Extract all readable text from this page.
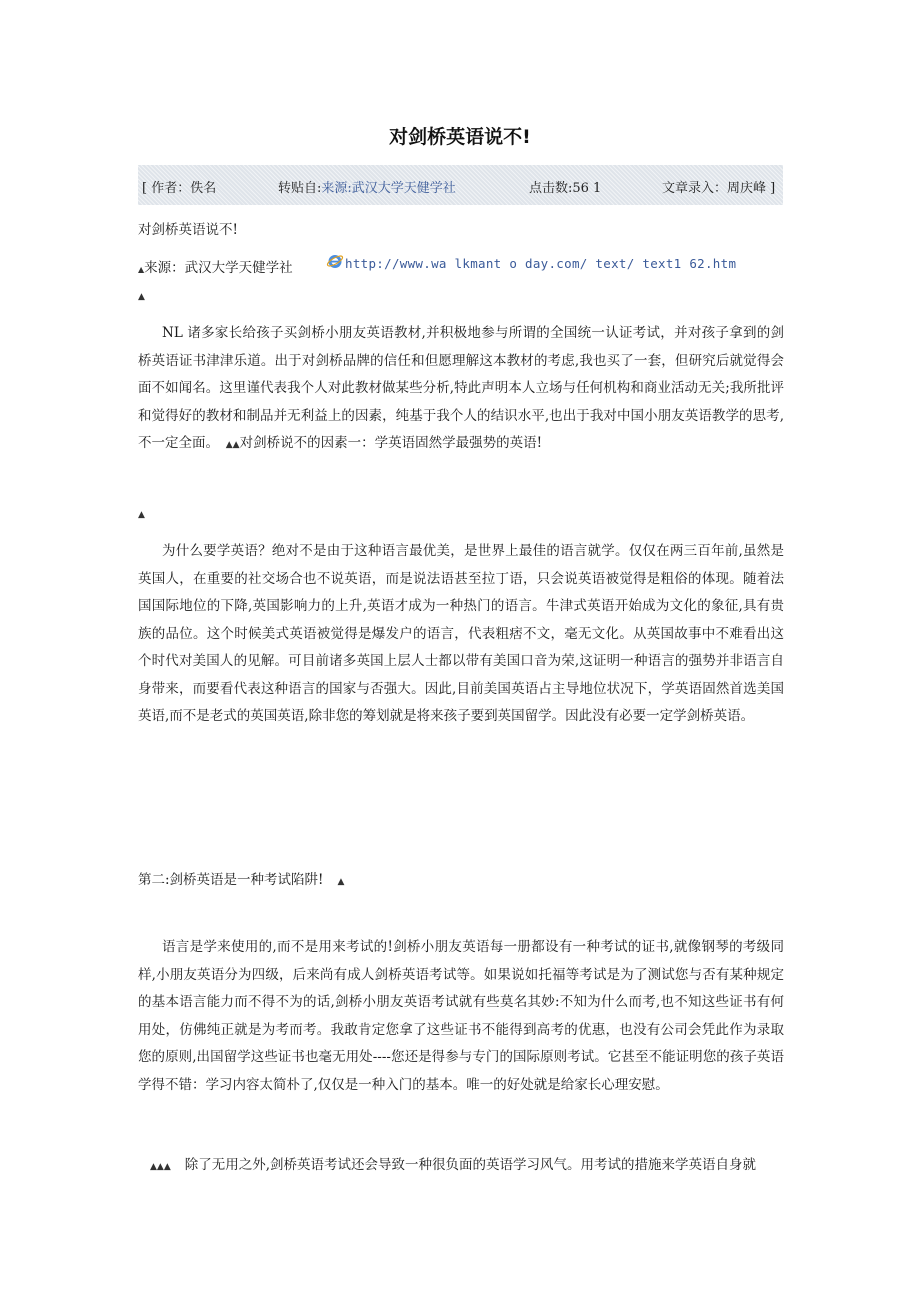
对剑桥英语说不!
[ 作者：佚名	转贴自:来源:武汉大学天健学社	点击数:56 1	文章录入：周庆峰 ]
对剑桥英语说不!
▲来源：武汉大学天健学社	http://www.wa lkmant o day.com/ text/ text1 62.htm
▲

NL 诸多家长给孩子买剑桥小朋友英语教材,并积极地参与所谓的全国统一认证考试，并对孩子拿到的剑桥英语证书津津乐道。出于对剑桥品牌的信任和但愿理解这本教材的考虑,我也买了一套，但研究后就觉得会面不如闻名。这里谨代表我个人对此教材做某些分析,特此声明本人立场与任何机构和商业活动无关;我所批评和觉得好的教材和制品并无利益上的因素，纯基于我个人的结识水平,也出于我对中国小朋友英语教学的思考,不一定全面。　 ▲▲对剑桥说不的因素一：学英语固然学最强势的英语!

▲

为什么要学英语？绝对不是由于这种语言最优美，是世界上最佳的语言就学。仅仅在两三百年前,虽然是英国人，在重要的社交场合也不说英语，而是说法语甚至拉丁语，只会说英语被觉得是粗俗的体现。随着法国国际地位的下降,英国影响力的上升,英语才成为一种热门的语言。牛津式英语开始成为文化的象征,具有贵族的品位。这个时候美式英语被觉得是爆发户的语言，代表粗痞不文，毫无文化。从英国故事中不难看出这个时代对美国人的见解。可目前诸多英国上层人士都以带有美国口音为荣,这证明一种语言的强势并非语言自身带来，而要看代表这种语言的国家与否强大。因此,目前美国英语占主导地位状况下，学英语固然首选美国英语,而不是老式的英国英语,除非您的筹划就是将来孩子要到英国留学。因此没有必要一定学剑桥英语。

第二:剑桥英语是一种考试陷阱! ▲

语言是学来使用的,而不是用来考试的!剑桥小朋友英语每一册都设有一种考试的证书,就像钢琴的考级同样,小朋友英语分为四级，后来尚有成人剑桥英语考试等。如果说如托福等考试是为了测试您与否有某种规定的基本语言能力而不得不为的话,剑桥小朋友英语考试就有些莫名其妙:不知为什么而考,也不知这些证书有何用处，仿佛纯正就是为考而考。我敢肯定您拿了这些证书不能得到高考的优惠，也没有公司会凭此作为录取您的原则,出国留学这些证书也毫无用处----您还是得参与专门的国际原则考试。它甚至不能证明您的孩子英语学得不错：学习内容太简朴了,仅仅是一种入门的基本。唯一的好处就是给家长心理安慰。

▲▲▲ 除了无用之外,剑桥英语考试还会导致一种很负面的英语学习风气。用考试的措施来学英语自身就
